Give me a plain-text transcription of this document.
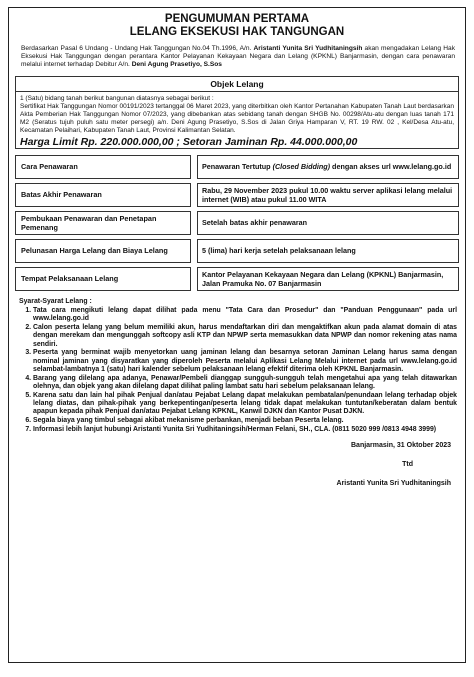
PENGUMUMAN PERTAMA
LELANG EKSEKUSI HAK TANGUNGAN
Berdasarkan Pasal 6 Undang - Undang Hak Tanggungan No.04 Th.1996, A/n. Aristanti Yunita Sri Yudhitaningsih akan mengadakan Lelang Hak Eksekusi Hak Tanggungan dengan perantara Kantor Pelayanan Kekayaan Negara dan Lelang (KPKNL) Banjarmasin, dengan cara penawaran melalui internet terhadap Debitur A/n. Deni Agung Prasetiyo, S.Sos
Objek Lelang

1 (Satu) bidang tanah berikut bangunan diatasnya sebagai berikut :

Sertifikat Hak Tanggungan Nomor 00191/2023 tertanggal 06 Maret 2023, yang diterbitkan oleh Kantor Pertanahan Kabupaten Tanah Laut berdasarkan Akta Pemberian Hak Tanggungan Nomor 07/2023, yang dibebankan atas sebidang tanah dengan SHGB No. 00298/Atu-atu dengan luas tanah 171 M2 (Seratus tujuh puluh satu meter persegi) a/n. Deni Agung Prasetiyo, S.Sos di Jalan Griya Hamparan V, RT. 19 RW. 02 , Kel/Desa Atu-atu, Kecamatan Pelaihari, Kabupaten Tanah Laut, Provinsi Kalimantan Selatan.

Harga Limit Rp. 220.000.000,00 ; Setoran Jaminan Rp. 44.000.000,00
Cara Penawaran	Penawaran Tertutup (Closed Bidding) dengan akses url www.lelang.go.id
Batas Akhir Penawaran	Rabu, 29 November 2023 pukul 10.00 waktu server aplikasi lelang melalui internet (WIB) atau pukul 11.00 WITA
Pembukaan Penawaran dan Penetapan Pemenang	Setelah batas akhir penawaran
Pelunasan Harga Lelang dan Biaya Lelang	5 (lima) hari kerja setelah pelaksanaan lelang
Tempat Pelaksanaan Lelang	Kantor Pelayanan Kekayaan Negara dan Lelang (KPKNL) Banjarmasin, Jalan Pramuka No. 07 Banjarmasin
Syarat-Syarat Lelang :
1. Tata cara mengikuti lelang dapat dilihat pada menu "Tata Cara dan Prosedur" dan "Panduan Penggunaan" pada url www.lelang.go.id
2. Calon peserta lelang yang belum memiliki akun, harus mendaftarkan diri dan mengaktifkan akun pada alamat domain di atas dengan merekam dan mengunggah softcopy asli KTP dan NPWP serta memasukkan data NPWP dan nomor rekening atas nama sendiri.
3. Peserta yang berminat wajib menyetorkan uang jaminan lelang dan besarnya setoran Jaminan Lelang harus sama dengan nominal jaminan yang disyaratkan yang diperoleh Peserta melalui Aplikasi Lelang Melalui internet pada url www.lelang.go.id selambat-lambatnya 1 (satu) hari kalender sebelum pelaksanaan lelang efektif diterima oleh KPKNL Banjarmasin.
4. Barang yang dilelang apa adanya, Penawar/Pembeli dianggap sungguh-sungguh telah mengetahui apa yang telah ditawarkan olehnya, dan objek yang akan dilelang dapat dilihat paling lambat satu hari sebelum pelaksanaan lelang.
5. Karena satu dan lain hal pihak Penjual dan/atau Pejabat Lelang dapat melakukan pembatalan/penundaan lelang terhadap objek lelang diatas, dan pihak-pihak yang berkepentingan/peserta lelang tidak dapat melakukan tuntutan/keberatan dalam bentuk apapun kepada pihak Penjual dan/atau Pejabat Lelang KPKNL, Kanwil DJKN dan Kantor Pusat DJKN.
6. Segala biaya yang timbul sebagai akibat mekanisme perbankan, menjadi beban Peserta lelang.
7. Informasi lebih lanjut hubungi Aristanti Yunita Sri Yudhitaningsih/Herman Felani, SH., CLA. (0811 5020 999 /0813 4948 3999)
Banjarmasin, 31 Oktober 2023
Ttd
Aristanti Yunita Sri Yudhitaningsih
